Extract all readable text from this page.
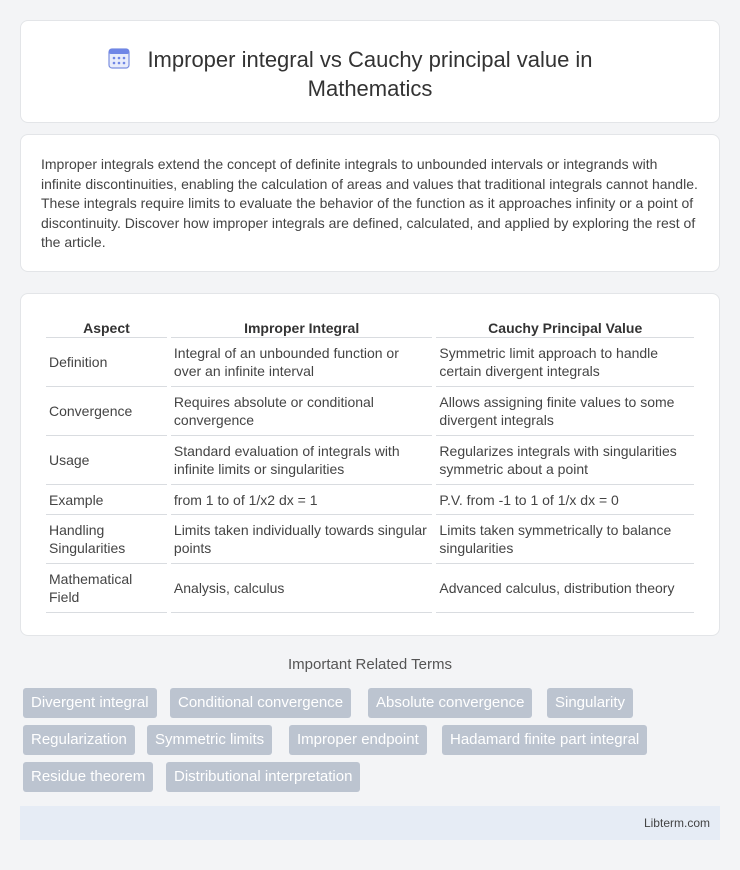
Improper integral vs Cauchy principal value in Mathematics

Improper integrals extend the concept of definite integrals to unbounded intervals or integrands with infinite discontinuities, enabling the calculation of areas and values that traditional integrals cannot handle. These integrals require limits to evaluate the behavior of the function as it approaches infinity or a point of discontinuity. Discover how improper integrals are defined, calculated, and applied by exploring the rest of the article.

Aspect	Improper Integral	Cauchy Principal Value
Definition	Integral of an unbounded function or over an infinite interval	Symmetric limit approach to handle certain divergent integrals
Convergence	Requires absolute or conditional convergence	Allows assigning finite values to some divergent integrals
Usage	Standard evaluation of integrals with infinite limits or singularities	Regularizes integrals with singularities symmetric about a point
Example	from 1 to of 1/x2 dx = 1	P.V. from -1 to 1 of 1/x dx = 0
Handling Singularities	Limits taken individually towards singular points	Limits taken symmetrically to balance singularities
Mathematical Field	Analysis, calculus	Advanced calculus, distribution theory
Important Related Terms
Divergent integral	Conditional convergence	Absolute convergence	Singularity
Regularization	Symmetric limits	Improper endpoint	Hadamard finite part integral
Residue theorem	Distributional interpretation
Libterm.com
